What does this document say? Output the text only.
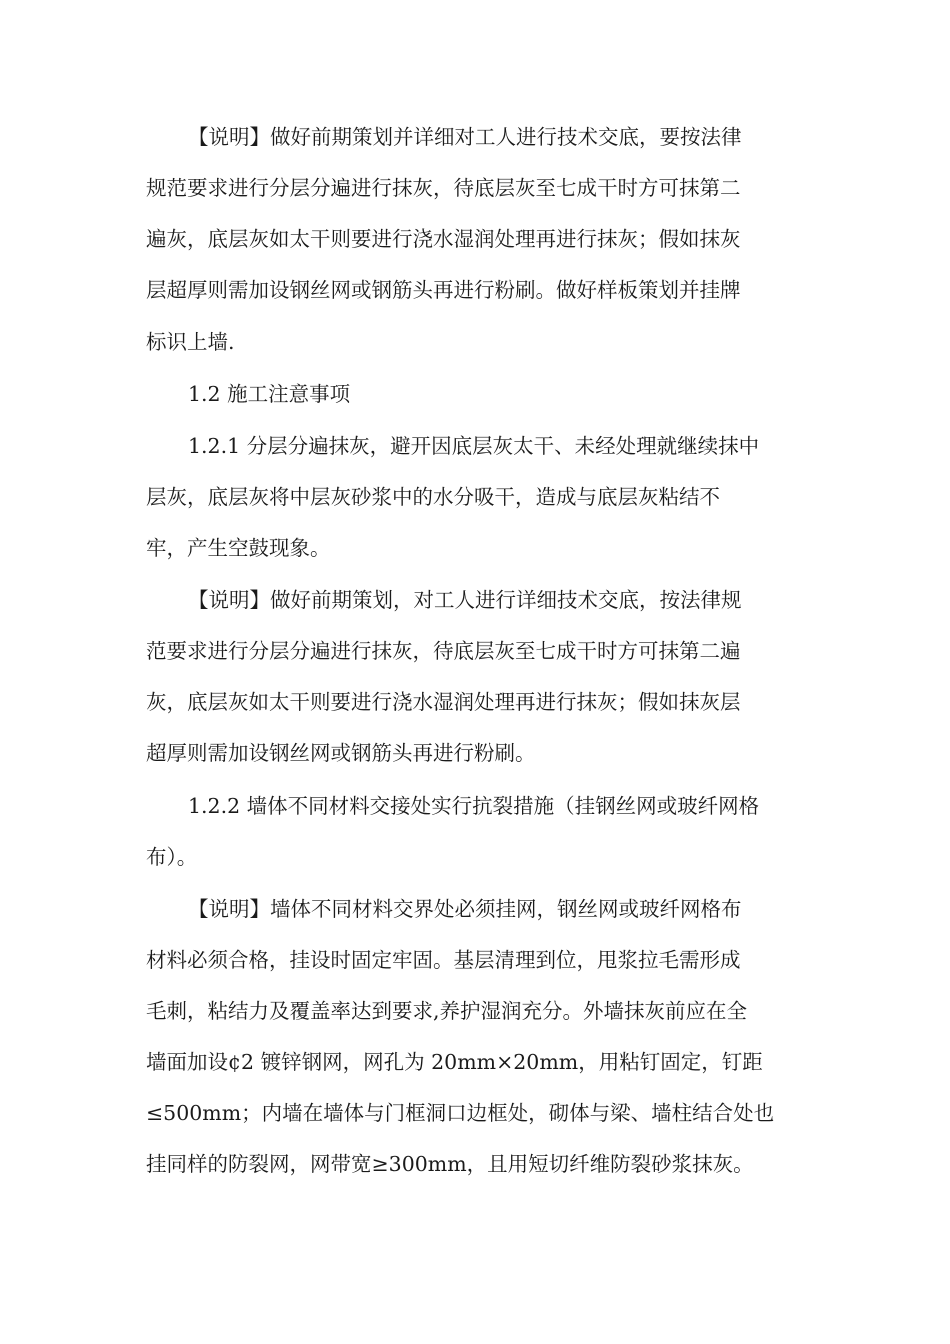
【说明】做好前期策划并详细对工人进行技术交底，要按法律
规范要求进行分层分遍进行抹灰，待底层灰至七成干时方可抹第二
遍灰，底层灰如太干则要进行浇水湿润处理再进行抹灰；假如抹灰
层超厚则需加设钢丝网或钢筋头再进行粉刷。做好样板策划并挂牌
标识上墙.
1.2 施工注意事项
1.2.1 分层分遍抹灰，避开因底层灰太干、未经处理就继续抹中
层灰，底层灰将中层灰砂浆中的水分吸干，造成与底层灰粘结不
牢，产生空鼓现象。
【说明】做好前期策划，对工人进行详细技术交底，按法律规
范要求进行分层分遍进行抹灰，待底层灰至七成干时方可抹第二遍
灰，底层灰如太干则要进行浇水湿润处理再进行抹灰；假如抹灰层
超厚则需加设钢丝网或钢筋头再进行粉刷。
1.2.2 墙体不同材料交接处实行抗裂措施（挂钢丝网或玻纤网格
布）。
【说明】墙体不同材料交界处必须挂网，钢丝网或玻纤网格布
材料必须合格，挂设时固定牢固。基层清理到位，甩浆拉毛需形成
毛刺，粘结力及覆盖率达到要求,养护湿润充分。外墙抹灰前应在全
墙面加设¢2 镀锌钢网，网孔为 20mm×20mm，用粘钉固定，钉距
≤500mm；内墙在墙体与门框洞口边框处，砌体与梁、墙柱结合处也
挂同样的防裂网，网带宽≥300mm，且用短切纤维防裂砂浆抹灰。
